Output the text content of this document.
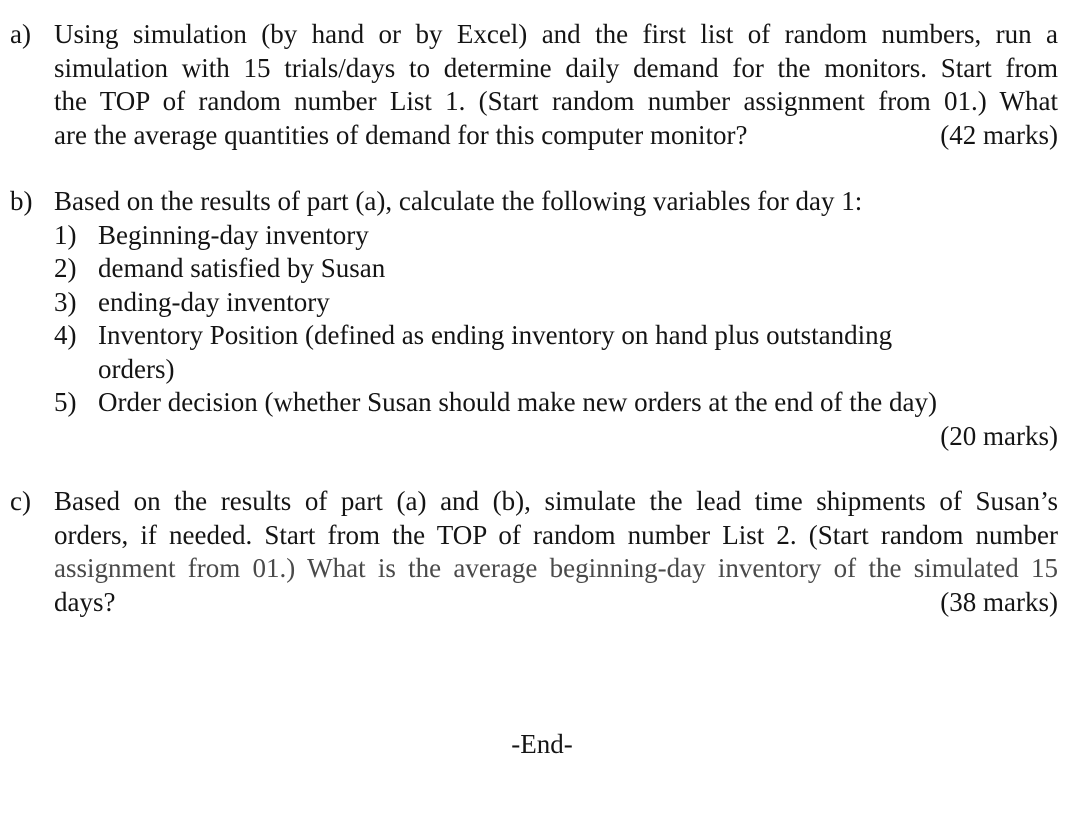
a) Using simulation (by hand or by Excel) and the first list of random numbers, run a
simulation with 15 trials/days to determine daily demand for the monitors. Start from
the TOP of random number List 1. (Start random number assignment from 01.) What
are the average quantities of demand for this computer monitor?	(42 marks)
b) Based on the results of part (a), calculate the following variables for day 1:
1) Beginning-day inventory
2) demand satisfied by Susan
3) ending-day inventory
4) Inventory Position (defined as ending inventory on hand plus outstanding
orders)
5) Order decision (whether Susan should make new orders at the end of the day)
(20 marks)
c) Based on the results of part (a) and (b), simulate the lead time shipments of Susan’s
orders, if needed. Start from the TOP of random number List 2. (Start random number
assignment from 01.) What is the average beginning-day inventory of the simulated 15
days?	(38 marks)
-End-
